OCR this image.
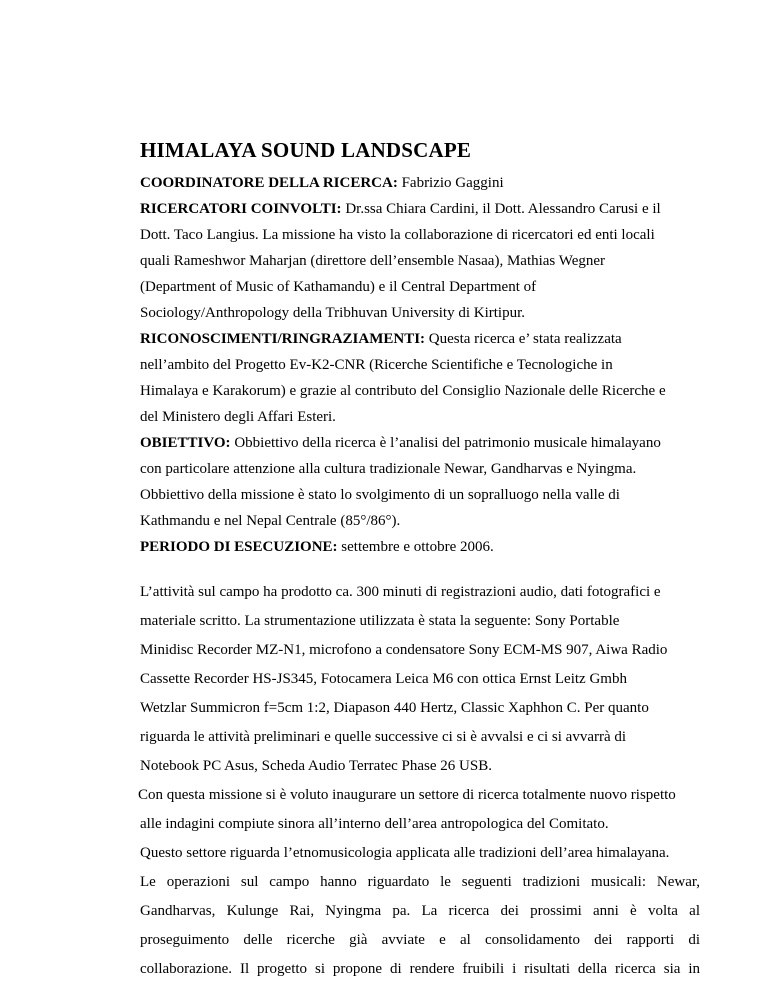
HIMALAYA SOUND LANDSCAPE

COORDINATORE DELLA RICERCA: Fabrizio Gaggini

RICERCATORI COINVOLTI: Dr.ssa Chiara Cardini, il Dott. Alessandro Carusi e il

Dott. Taco Langius. La missione ha visto la collaborazione di ricercatori ed enti locali

quali Rameshwor Maharjan (direttore dell’ensemble Nasaa), Mathias Wegner

(Department of Music of Kathamandu) e il Central Department of

Sociology/Anthropology della Tribhuvan University di Kirtipur.

RICONOSCIMENTI/RINGRAZIAMENTI: Questa ricerca e’ stata realizzata

nell’ambito del Progetto Ev-K2-CNR (Ricerche Scientifiche e Tecnologiche in

Himalaya e Karakorum) e grazie al contributo del Consiglio Nazionale delle Ricerche e

del Ministero degli Affari Esteri.

OBIETTIVO: Obbiettivo della ricerca è l’analisi del patrimonio musicale himalayano

con particolare attenzione alla cultura tradizionale Newar, Gandharvas e Nyingma.

Obbiettivo della missione è stato lo svolgimento di un sopralluogo nella valle di

Kathmandu e nel Nepal Centrale (85°/86°).

PERIODO DI ESECUZIONE: settembre e ottobre 2006.

L’attività sul campo ha prodotto ca. 300 minuti di registrazioni audio, dati fotografici e

materiale scritto. La strumentazione utilizzata è stata la seguente: Sony Portable

Minidisc Recorder MZ-N1, microfono a condensatore Sony ECM-MS 907, Aiwa Radio

Cassette Recorder HS-JS345, Fotocamera Leica M6 con ottica Ernst Leitz Gmbh

Wetzlar Summicron f=5cm 1:2, Diapason 440 Hertz, Classic Xaphhon C. Per quanto

riguarda le attività preliminari e quelle successive ci si è avvalsi e ci si avvarrà di

Notebook PC Asus, Scheda Audio Terratec Phase 26 USB.

Con questa missione si è voluto inaugurare un settore di ricerca totalmente nuovo rispetto

alle indagini compiute sinora all’interno dell’area antropologica del Comitato.

Questo settore riguarda l’etnomusicologia applicata alle tradizioni dell’area himalayana.

Le operazioni sul campo hanno riguardato le seguenti tradizioni musicali: Newar,

Gandharvas, Kulunge Rai, Nyingma pa. La ricerca dei prossimi anni è volta al

proseguimento delle ricerche già avviate e al consolidamento dei rapporti di

collaborazione. Il progetto si propone di rendere fruibili i risultati della ricerca sia in
